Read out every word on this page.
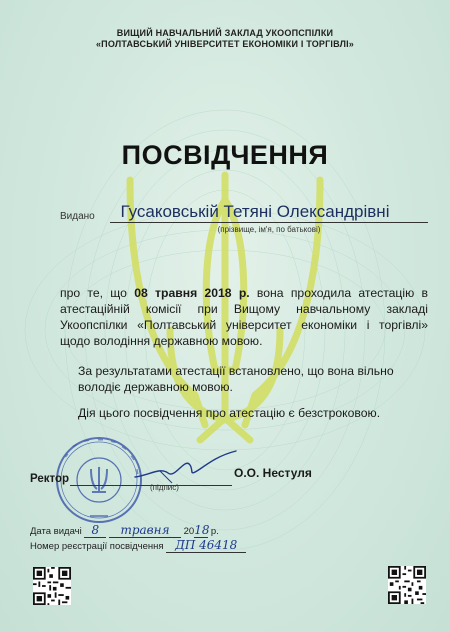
ВИЩИЙ НАВЧАЛЬНИЙ ЗАКЛАД УКООПСПІЛКИ
«ПОЛТАВСЬКИЙ УНІВЕРСИТЕТ ЕКОНОМІКИ І ТОРГІВЛІ»
ПОСВІДЧЕННЯ
Видано	Гусаковській Тетяні Олександрівні
(прізвище, ім'я, по батькові)
про те, що 08 травня 2018 р. вона проходила атестацію в атестаційній комісії при Вищому навчальному закладі Укоопспілки «Полтавський університет економіки і торгівлі» щодо володіння державною мовою.
За результатами атестації встановлено, що вона вільно володіє державною мовою.
Дія цього посвідчення про атестацію є безстроковою.
Ректор
(підпис)
О.О. Нестуля
Дата видачі 8 травня 2018 р.
Номер реєстрації посвідчення ДП 46418
